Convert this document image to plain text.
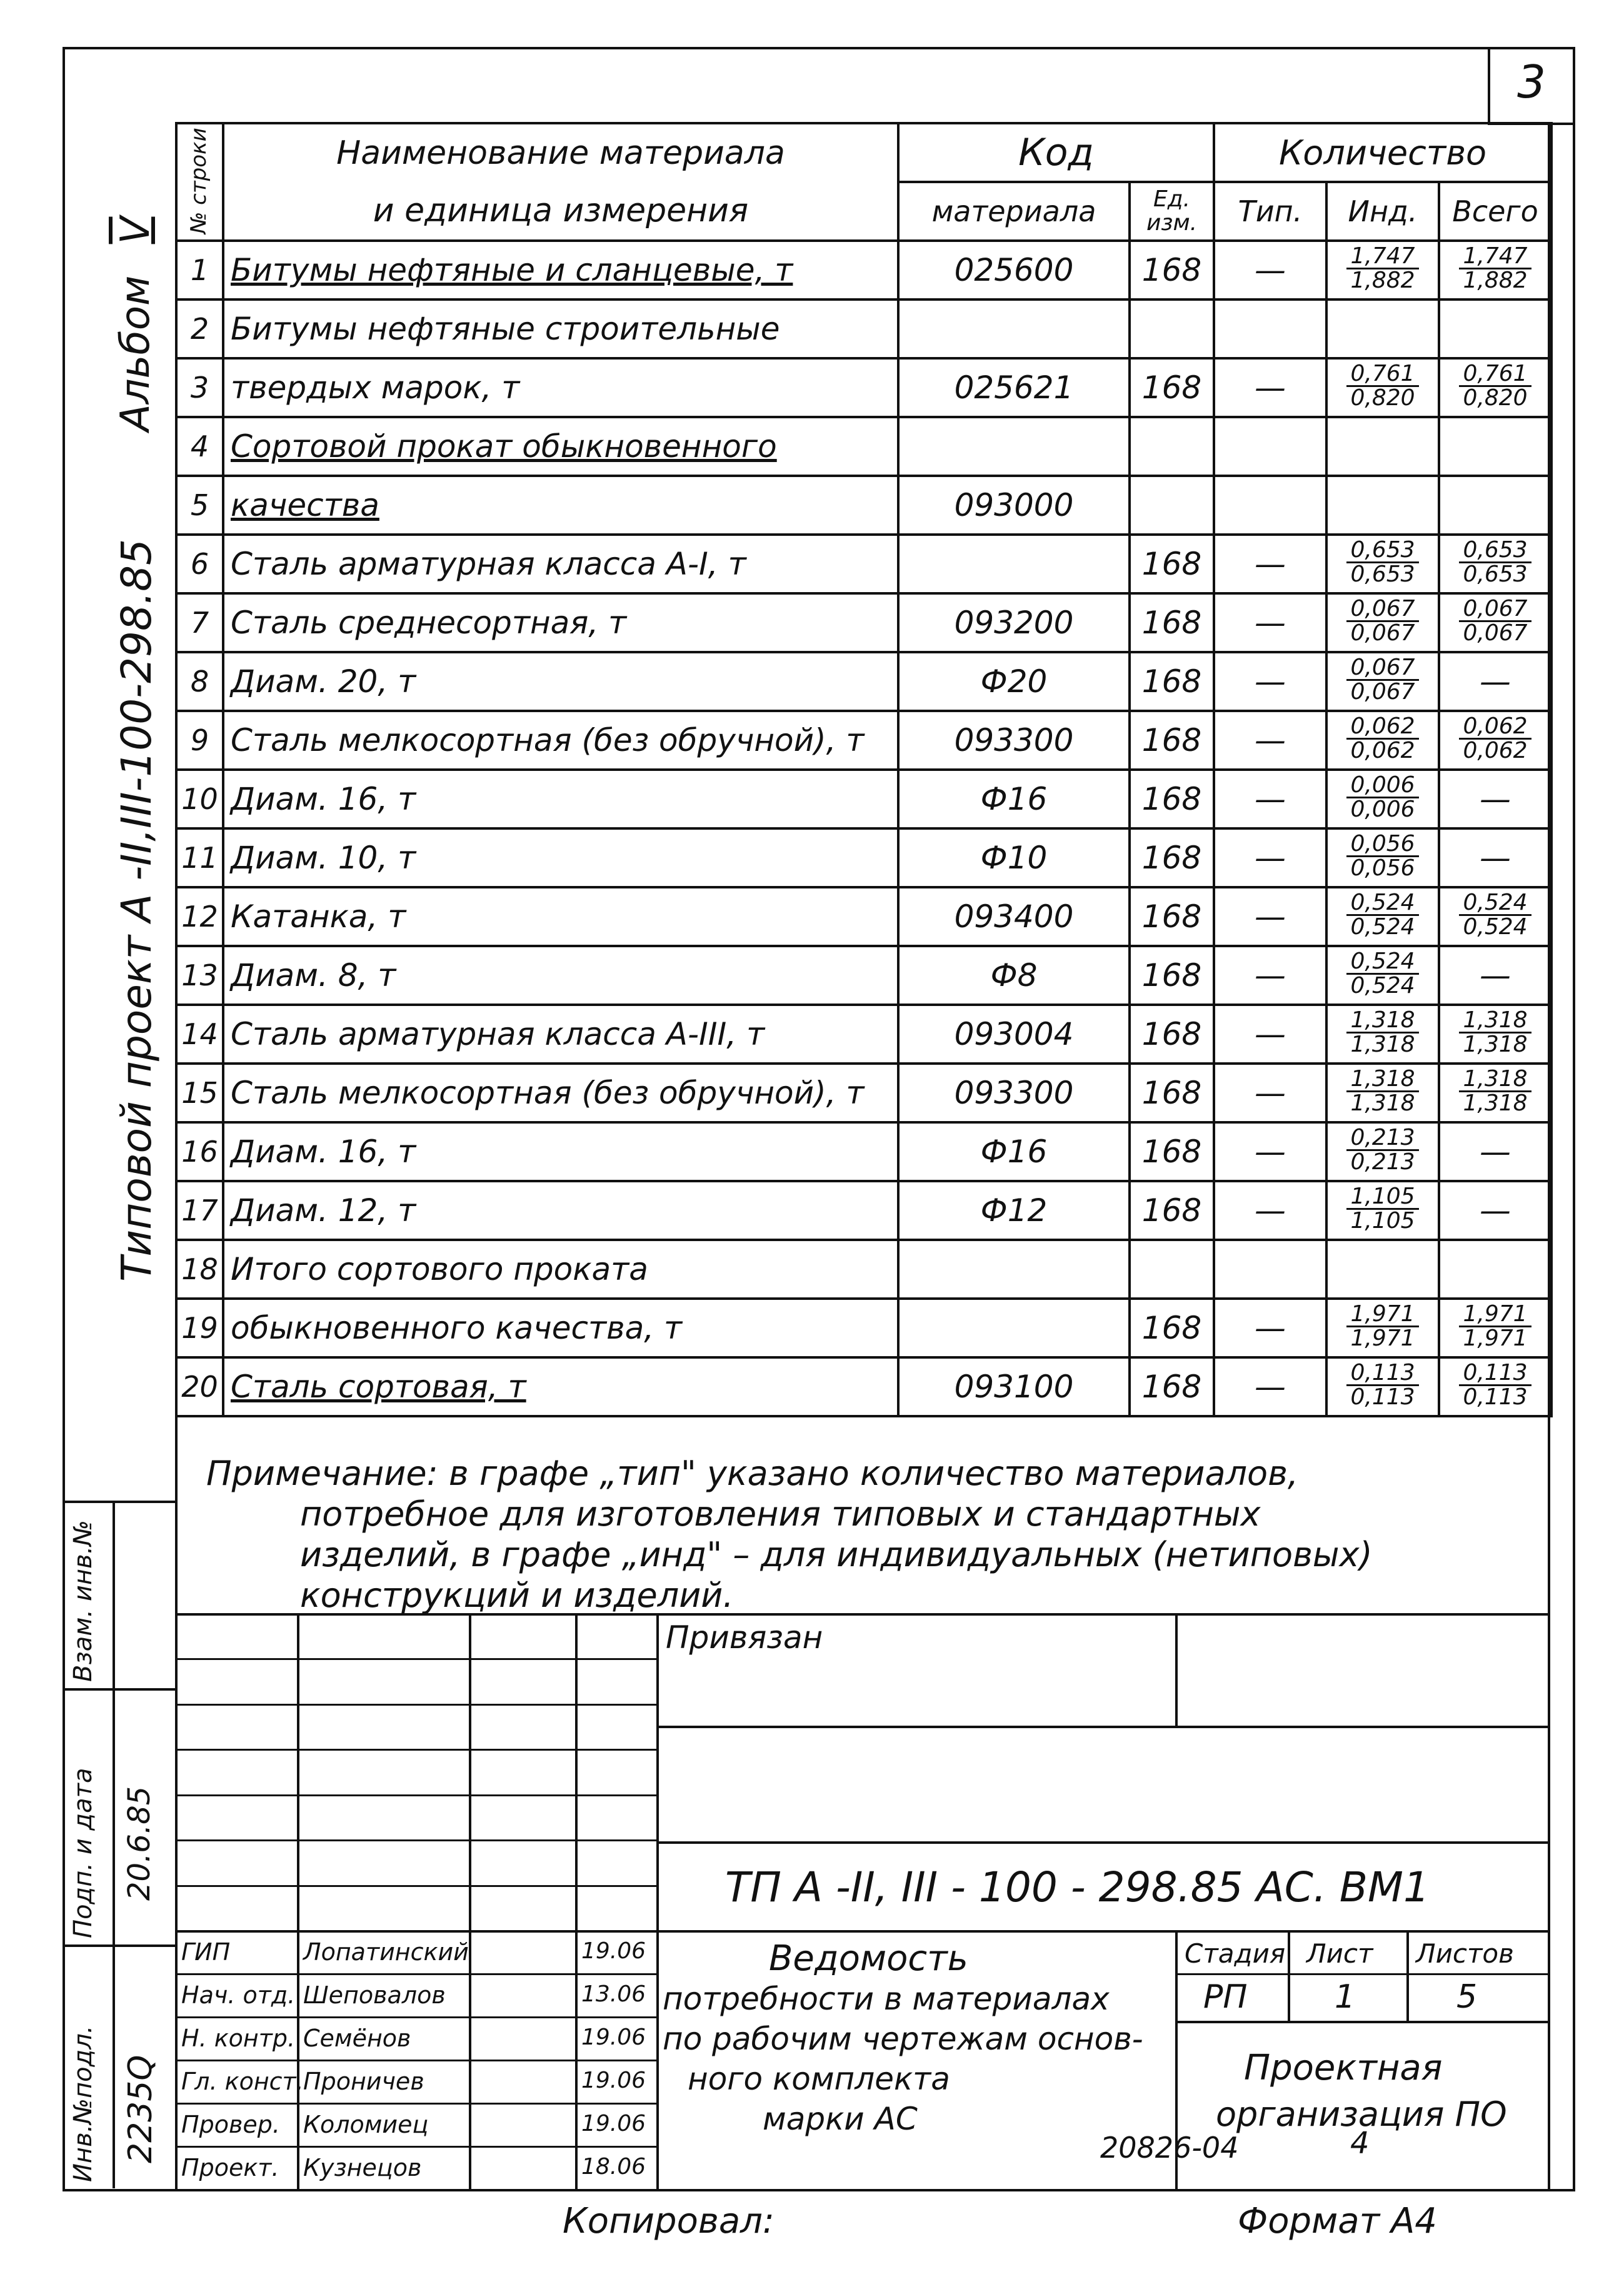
3
Альбом V
Типовой проект А -II,III-100-298.85
№ строки	Наименование материала	Код		Количество		
	и единица измерения	материала	Ед. изм.	Тип.	Инд.	Всего
1	Битумы нефтяные и сланцевые, т	025600	168	—	$\frac{1,747}{1,882}$	$\frac{1,747}{1,882}$

2	Битумы нефтяные строительные					
3	твердых марок, т	025621	168	—	$\frac{0,761}{0,820}$	$\frac{0,761}{0,820}$

4	Сортовой прокат обыкновенного					
5	качества	093000				
6	Сталь арматурная класса А-I, т		168	—	$\frac{0,653}{0,653}$	$\frac{0,653}{0,653}$

7	Сталь среднесортная, т	093200	168	—	$\frac{0,067}{0,067}$	$\frac{0,067}{0,067}$

8	Диам. 20, т	Ф20	168	—	$\frac{0,067}{0,067}$	—
9	Сталь мелкосортная (без обручной), т	093300	168	—	$\frac{0,062}{0,062}$	$\frac{0,062}{0,062}$

10	Диам. 16, т	Ф16	168	—	$\frac{0,006}{0,006}$	—
11	Диам. 10, т	Ф10	168	—	$\frac{0,056}{0,056}$	—
12	Катанка, т	093400	168	—	$\frac{0,524}{0,524}$	$\frac{0,524}{0,524}$

13	Диам. 8, т	Ф8	168	—	$\frac{0,524}{0,524}$	—
14	Сталь арматурная класса А-III, т	093004	168	—	$\frac{1,318}{1,318}$	$\frac{1,318}{1,318}$

15	Сталь мелкосортная (без обручной), т	093300	168	—	$\frac{1,318}{1,318}$	$\frac{1,318}{1,318}$

16	Диам. 16, т	Ф16	168	—	$\frac{0,213}{0,213}$	—
17	Диам. 12, т	Ф12	168	—	$\frac{1,105}{1,105}$	—
18	Итого сортового проката					
19	обыкновенного качества, т		168	—	$\frac{1,971}{1,971}$	$\frac{1,971}{1,971}$

20	Сталь сортовая, т	093100	168	—	$\frac{0,113}{0,113}$	$\frac{0,113}{0,113}$
Примечание: в графе „тип" указано количество материалов,
потребное для изготовления типовых и стандартных
изделий, в графе „инд" – для индивидуальных (нетиповых)
конструкций и изделий.
Взам. инв.№
Подп. и дата 20.6.85
Инв.№подл. 2235Q
ГИП	Лопатинский	19.06
Нач. отд. Шеповалов	13.06
Н. контр. Семёнов	19.06
Гл. конст. Проничев	19.06
Провер. Коломиец	19.06
Проект. Кузнецов	18.06
Привязан
ТП А -II, III - 100 - 298.85 АС. ВМ1
Стадия Лист Листов
РП	1	5
Проектная
организация ПО
Ведомость
потребности в материалах
по рабочим чертежам основ-
ного комплекта
марки АС
20826-04	4
Копировал:	Формат А4
